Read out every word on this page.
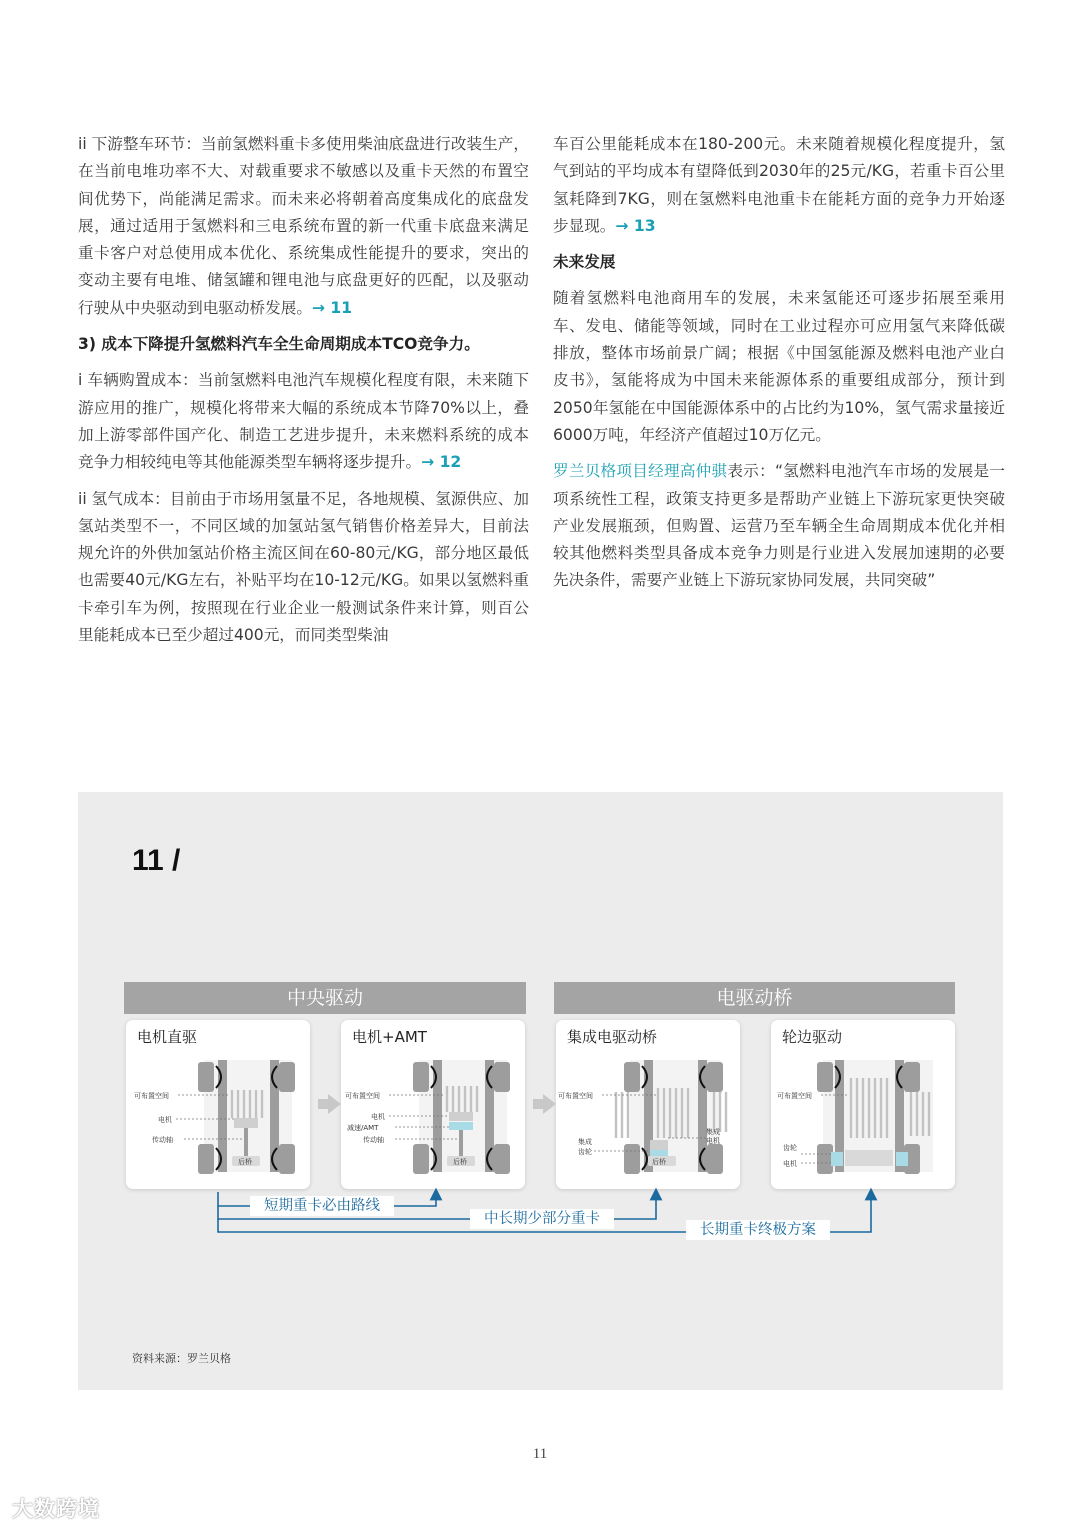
ii 下游整车环节：当前氢燃料重卡多使用柴油底盘进行改装生产，在当前电堆功率不大、对载重要求不敏感以及重卡天然的布置空间优势下，尚能满足需求。而未来必将朝着高度集成化的底盘发展，通过适用于氢燃料和三电系统布置的新一代重卡底盘来满足重卡客户对总使用成本优化、系统集成性能提升的要求，突出的变动主要有电堆、储氢罐和锂电池与底盘更好的匹配，以及驱动行驶从中央驱动到电驱动桥发展。→ 11

3) 成本下降提升氢燃料汽车全生命周期成本TCO竞争力。

i 车辆购置成本：当前氢燃料电池汽车规模化程度有限，未来随下游应用的推广，规模化将带来大幅的系统成本节降70%以上，叠加上游零部件国产化、制造工艺进步提升，未来燃料系统的成本竞争力相较纯电等其他能源类型车辆将逐步提升。→ 12

ii 氢气成本：目前由于市场用氢量不足，各地规模、氢源供应、加氢站类型不一，不同区域的加氢站氢气销售价格差异大，目前法规允许的外供加氢站价格主流区间在60-80元/KG，部分地区最低也需要40元/KG左右，补贴平均在10-12元/KG。如果以氢燃料重卡牵引车为例，按照现在行业企业一般测试条件来计算，则百公里能耗成本已至少超过400元，而同类型柴油

车百公里能耗成本在180-200元。未来随着规模化程度提升，氢气到站的平均成本有望降低到2030年的25元/KG，若重卡百公里氢耗降到7KG，则在氢燃料电池重卡在能耗方面的竞争力开始逐步显现。→ 13

未来发展

随着氢燃料电池商用车的发展，未来氢能还可逐步拓展至乘用车、发电、储能等领域，同时在工业过程亦可应用氢气来降低碳排放，整体市场前景广阔；根据《中国氢能源及燃料电池产业白皮书》，氢能将成为中国未来能源体系的重要组成部分，预计到2050年氢能在中国能源体系中的占比约为10%，氢气需求量接近6000万吨，年经济产值超过10万亿元。

罗兰贝格项目经理高仲骐表示：“氢燃料电池汽车市场的发展是一项系统性工程，政策支持更多是帮助产业链上下游玩家更快突破产业发展瓶颈，但购置、运营乃至车辆全生命周期成本优化并相较其他燃料类型具备成本竞争力则是行业进入发展加速期的必要先决条件，需要产业链上下游玩家协同发展，共同突破”

11 /
中央驱动	电驱动桥
电机直驱
后桥
可布置空间
电机
传动轴
电机+AMT
后桥
可布置空间
电机
减速/AMT
传动轴
集成电驱动桥
后桥
可布置空间
集成
齿轮
集成
电机
轮边驱动
可布置空间
齿轮
电机
短期重卡必由路线
中长期少部分重卡
长期重卡终极方案
资料来源：罗兰贝格
11
大数跨境
